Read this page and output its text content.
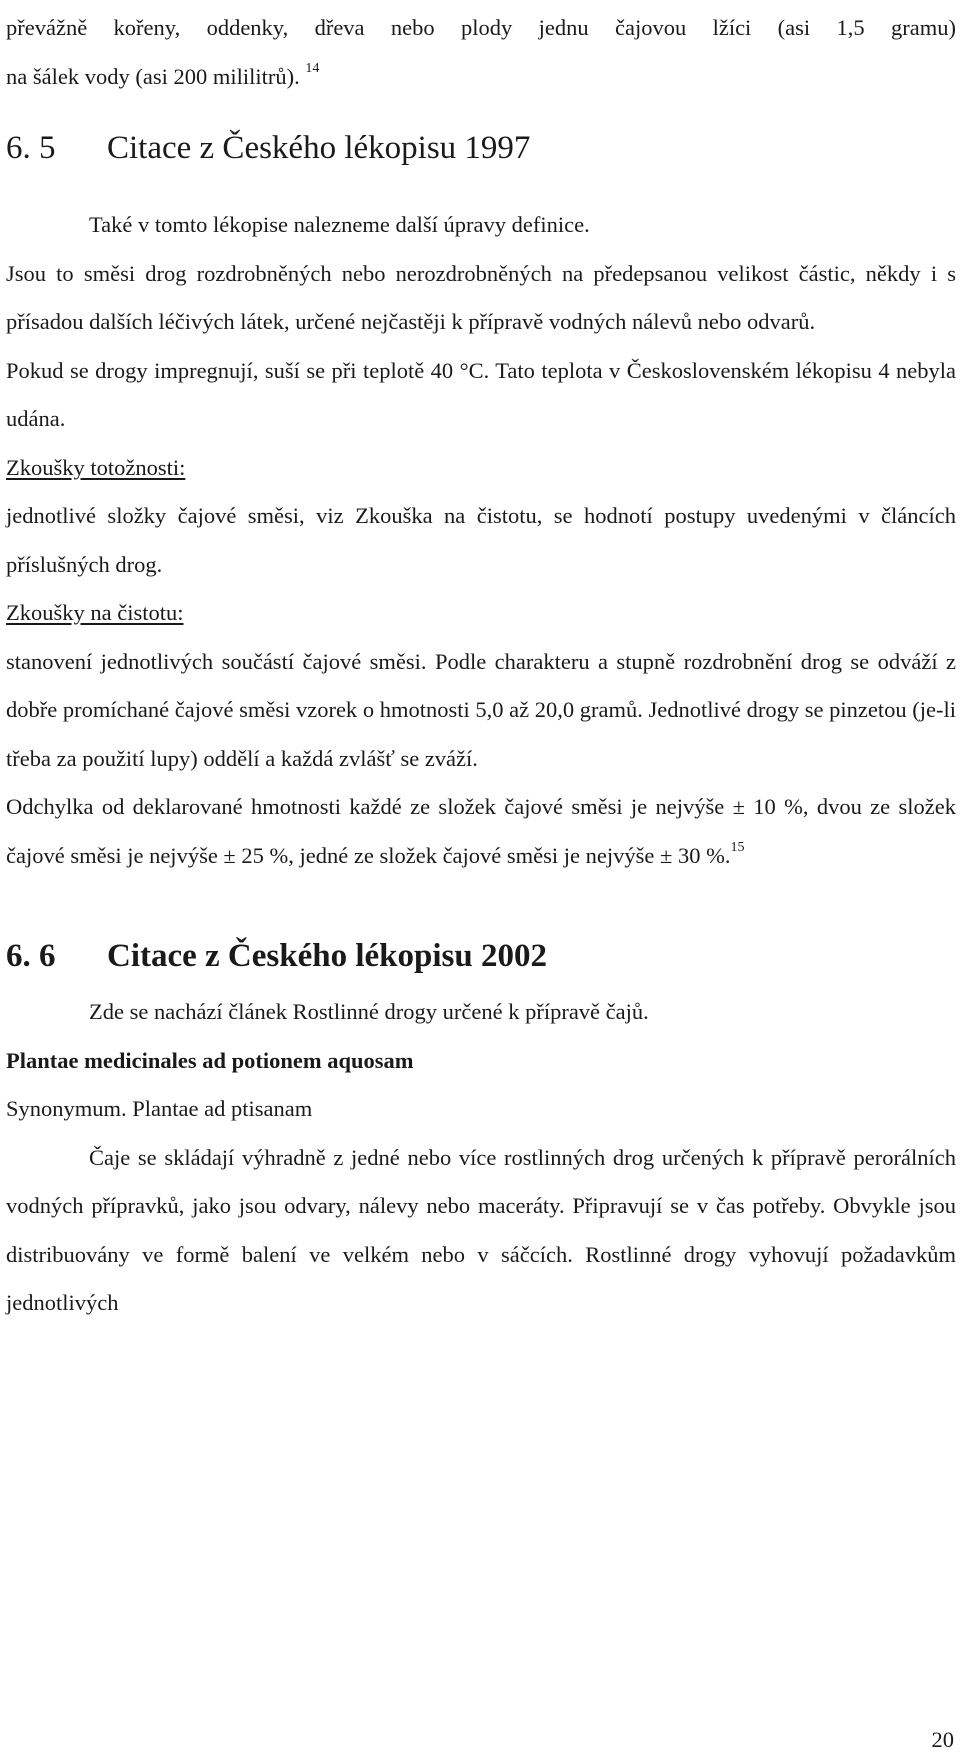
převážně kořeny, oddenky, dřeva nebo plody jednu čajovou lžíci (asi 1,5 gramu)

na šálek vody (asi 200 mililitrů). $^{14}$

6. 5 Citace z Českého lékopisu 1997

Také v tomto lékopise nalezneme další úpravy definice.

Jsou to směsi drog rozdrobněných nebo nerozdrobněných na předepsanou velikost částic, někdy i s přísadou dalších léčivých látek, určené nejčastěji k přípravě vodných nálevů nebo odvarů.

Pokud se drogy impregnují, suší se při teplotě 40 °C. Tato teplota v Československém lékopisu 4 nebyla udána.

Zkoušky totožnosti:

jednotlivé složky čajové směsi, viz Zkouška na čistotu, se hodnotí postupy uvedenými v článcích příslušných drog.

Zkoušky na čistotu:

stanovení jednotlivých součástí čajové směsi. Podle charakteru a stupně rozdrobnění drog se odváží z dobře promíchané čajové směsi vzorek o hmotnosti 5,0 až 20,0 gramů. Jednotlivé drogy se pinzetou (je-li třeba za použití lupy) oddělí a každá zvlášť se zváží.

Odchylka od deklarované hmotnosti každé ze složek čajové směsi je nejvýše ± 10 %, dvou ze složek čajové směsi je nejvýše ± 25 %, jedné ze složek čajové směsi je nejvýše ± 30 %.$^{15}$

6. 6 Citace z Českého lékopisu 2002

Zde se nachází článek Rostlinné drogy určené k přípravě čajů.

Plantae medicinales ad potionem aquosam

Synonymum. Plantae ad ptisanam

Čaje se skládají výhradně z jedné nebo více rostlinných drog určených k přípravě perorálních vodných přípravků, jako jsou odvary, nálevy nebo maceráty. Připravují se v čas potřeby. Obvykle jsou distribuovány ve formě balení ve velkém nebo v sáčcích. Rostlinné drogy vyhovují požadavkům jednotlivých

20
